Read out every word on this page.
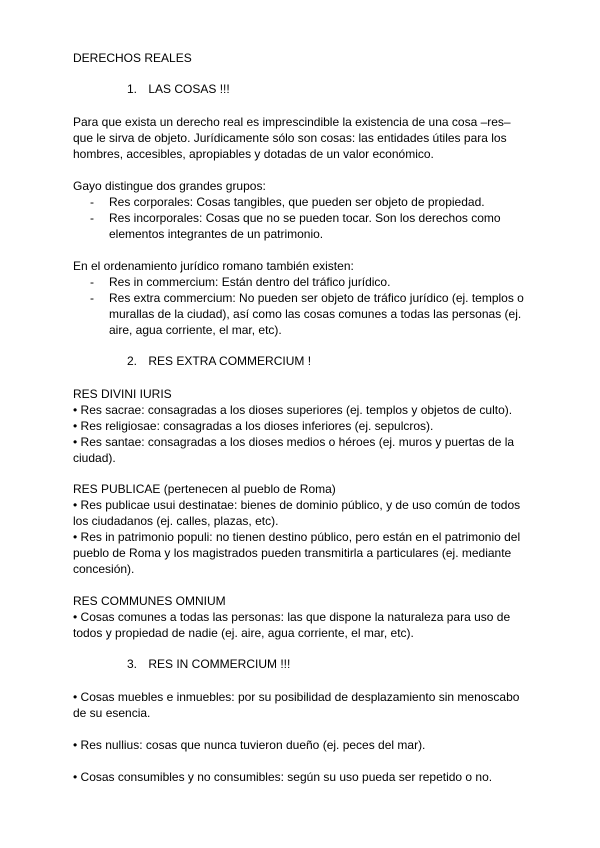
DERECHOS REALES
1. LAS COSAS !!!
Para que exista un derecho real es imprescindible la existencia de una cosa –res– que le sirva de objeto. Jurídicamente sólo son cosas: las entidades útiles para los hombres, accesibles, apropiables y dotadas de un valor económico.
Gayo distingue dos grandes grupos:
- Res corporales: Cosas tangibles, que pueden ser objeto de propiedad.
- Res incorporales: Cosas que no se pueden tocar. Son los derechos como elementos integrantes de un patrimonio.
En el ordenamiento jurídico romano también existen:
- Res in commercium: Están dentro del tráfico jurídico.
- Res extra commercium: No pueden ser objeto de tráfico jurídico (ej. templos o murallas de la ciudad), así como las cosas comunes a todas las personas (ej. aire, agua corriente, el mar, etc).
2. RES EXTRA COMMERCIUM !
RES DIVINI IURIS
• Res sacrae: consagradas a los dioses superiores (ej. templos y objetos de culto).
• Res religiosae: consagradas a los dioses inferiores (ej. sepulcros).
• Res santae: consagradas a los dioses medios o héroes (ej. muros y puertas de la ciudad).
RES PUBLICAE (pertenecen al pueblo de Roma)
• Res publicae usui destinatae: bienes de dominio público, y de uso común de todos los ciudadanos (ej. calles, plazas, etc).
• Res in patrimonio populi: no tienen destino público, pero están en el patrimonio del pueblo de Roma y los magistrados pueden transmitirla a particulares (ej. mediante concesión).
RES COMMUNES OMNIUM
• Cosas comunes a todas las personas: las que dispone la naturaleza para uso de todos y propiedad de nadie (ej. aire, agua corriente, el mar, etc).
3. RES IN COMMERCIUM !!!
• Cosas muebles e inmuebles: por su posibilidad de desplazamiento sin menoscabo de su esencia.
• Res nullius: cosas que nunca tuvieron dueño (ej. peces del mar).
• Cosas consumibles y no consumibles: según su uso pueda ser repetido o no.
